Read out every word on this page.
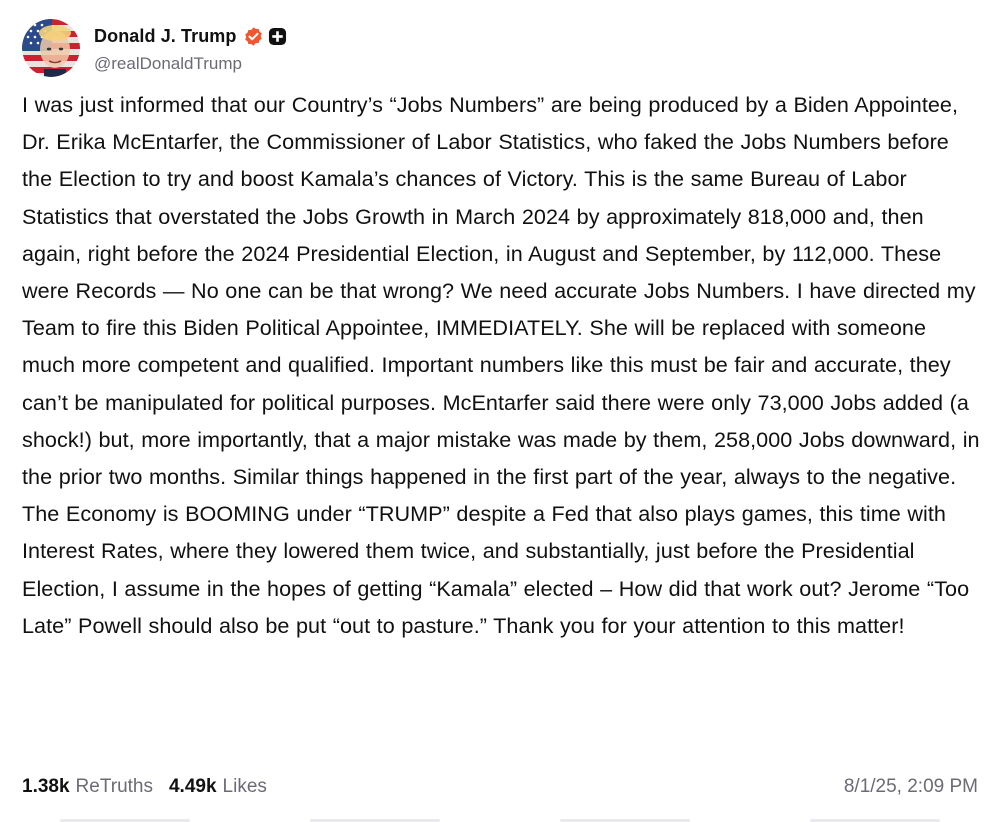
Donald J. Trump
@realDonaldTrump

I was just informed that our Country’s “Jobs Numbers” are being produced by a Biden Appointee, Dr. Erika McEntarfer, the Commissioner of Labor Statistics, who faked the Jobs Numbers before the Election to try and boost Kamala’s chances of Victory. This is the same Bureau of Labor Statistics that overstated the Jobs Growth in March 2024 by approximately 818,000 and, then again, right before the 2024 Presidential Election, in August and September, by 112,000. These were Records — No one can be that wrong? We need accurate Jobs Numbers. I have directed my Team to fire this Biden Political Appointee, IMMEDIATELY. She will be replaced with someone much more competent and qualified. Important numbers like this must be fair and accurate, they can’t be manipulated for political purposes. McEntarfer said there were only 73,000 Jobs added (a shock!) but, more importantly, that a major mistake was made by them, 258,000 Jobs downward, in the prior two months. Similar things happened in the first part of the year, always to the negative. The Economy is BOOMING under “TRUMP” despite a Fed that also plays games, this time with Interest Rates, where they lowered them twice, and substantially, just before the Presidential Election, I assume in the hopes of getting “Kamala” elected – How did that work out? Jerome “Too Late” Powell should also be put “out to pasture.” Thank you for your attention to this matter!

1.38k ReTruths 4.49k Likes	8/1/25, 2:09 PM
